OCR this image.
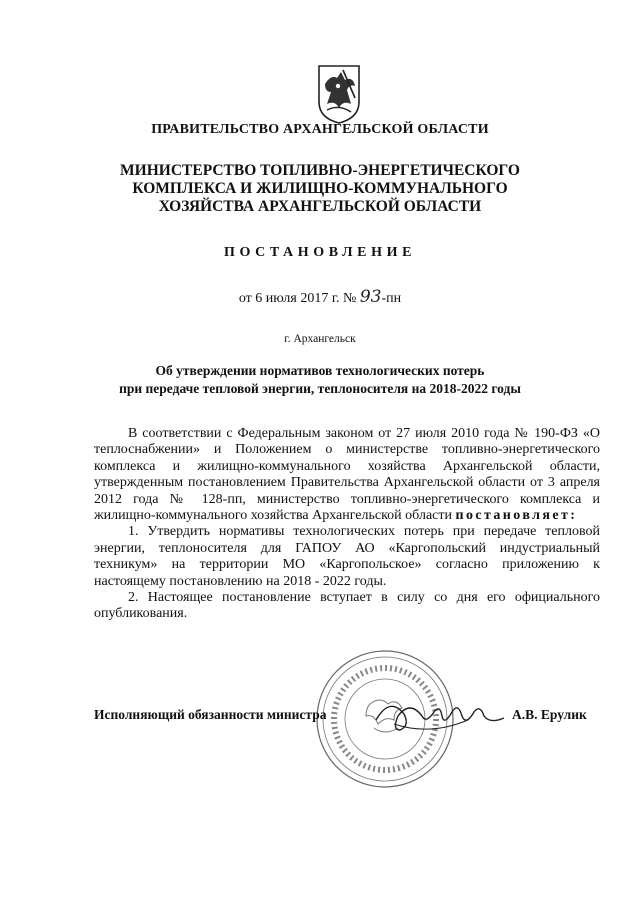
ПРАВИТЕЛЬСТВО АРХАНГЕЛЬСКОЙ ОБЛАСТИ
МИНИСТЕРСТВО ТОПЛИВНО-ЭНЕРГЕТИЧЕСКОГО
КОМПЛЕКСА И ЖИЛИЩНО-КОММУНАЛЬНОГО
ХОЗЯЙСТВА АРХАНГЕЛЬСКОЙ ОБЛАСТИ
ПОСТАНОВЛЕНИЕ
от 6 июля 2017 г. № 93-пн
г. Архангельск
Об утверждении нормативов технологических потерь
при передаче тепловой энергии, теплоносителя на 2018-2022 годы

В соответствии с Федеральным законом от 27 июля 2010 года № 190-ФЗ «О теплоснабжении» и Положением о министерстве топливно-энергетического комплекса и жилищно-коммунального хозяйства Архангельской области, утвержденным постановлением Правительства Архангельской области от 3 апреля 2012 года № 128-пп, министерство топливно-энергетического комплекса и жилищно-коммунального хозяйства Архангельской области постановляет:

1. Утвердить нормативы технологических потерь при передаче тепловой энергии, теплоносителя для ГАПОУ АО «Каргопольский индустриальный техникум» на территории МО «Каргопольское» согласно приложению к настоящему постановлению на 2018 - 2022 годы.

2. Настоящее постановление вступает в силу со дня его официального опубликования.

Исполняющий обязанности министра	А.В. Ерулик
